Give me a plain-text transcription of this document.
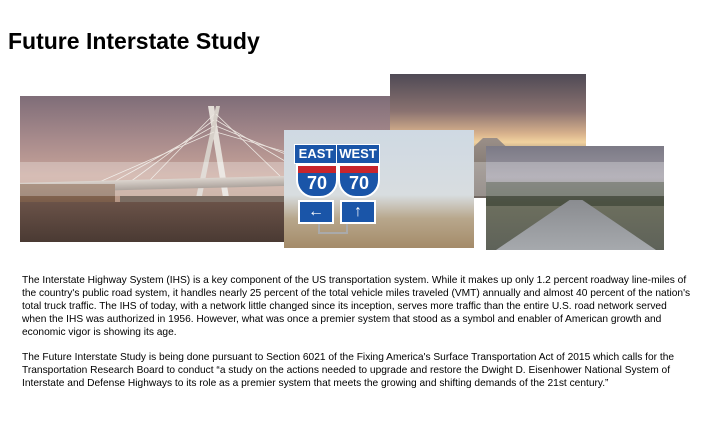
Future Interstate Study
EAST WEST
70	70
←	↑

The Interstate Highway System (IHS) is a key component of the US transportation system. While it makes up only 1.2 percent roadway line-miles of the country's public road system, it handles nearly 25 percent of the total vehicle miles traveled (VMT) annually and almost 40 percent of the nation's total truck traffic. The IHS of today, with a network little changed since its inception, serves more traffic than the entire U.S. road network served when the IHS was authorized in 1956. However, what was once a premier system that stood as a symbol and enabler of American growth and economic vigor is showing its age.

The Future Interstate Study is being done pursuant to Section 6021 of the Fixing America's Surface Transportation Act of 2015 which calls for the Transportation Research Board to conduct “a study on the actions needed to upgrade and restore the Dwight D. Eisenhower National System of Interstate and Defense Highways to its role as a premier system that meets the growing and shifting demands of the 21st century.”
